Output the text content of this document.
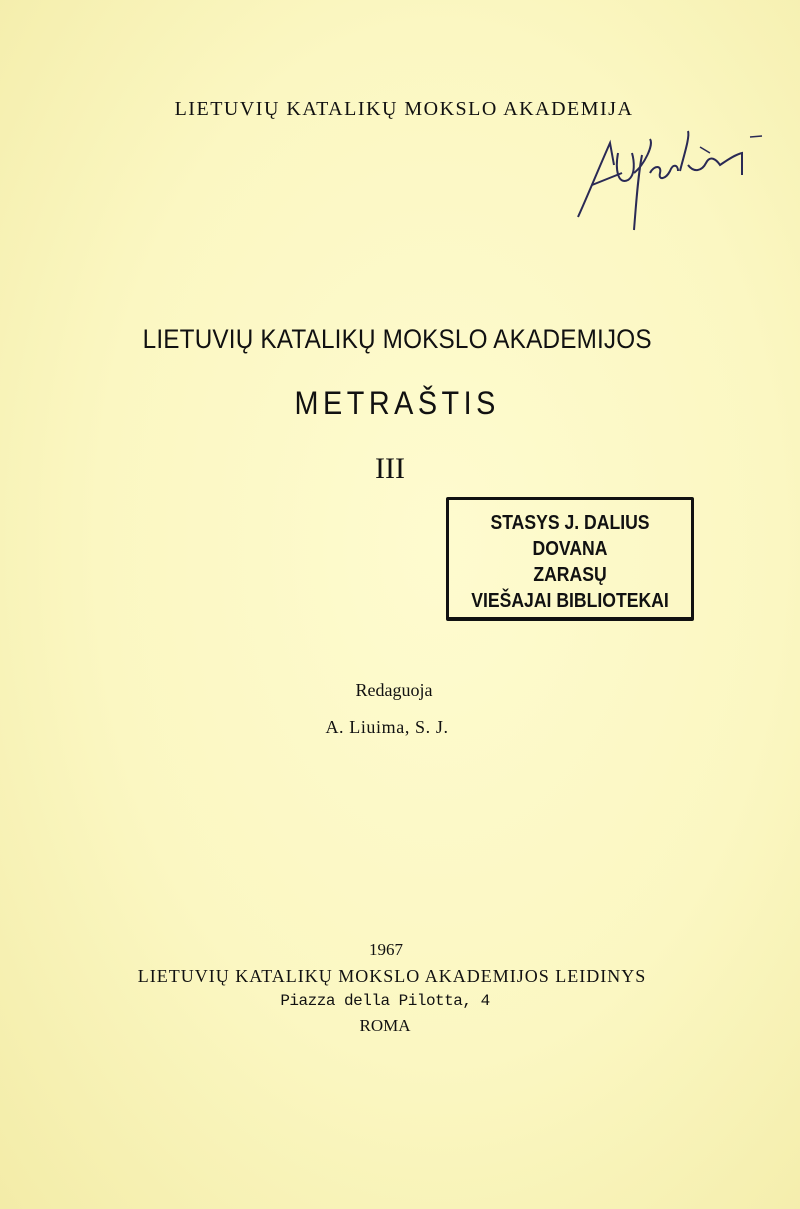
LIETUVIŲ KATALIKŲ MOKSLO AKADEMIJA
LIETUVIŲ KATALIKŲ MOKSLO AKADEMIJOS
METRAŠTIS
III
STASYS J. DALIUS
DOVANA
ZARASŲ
VIEŠAJAI BIBLIOTEKAI
Redaguoja
A. Liuima, S. J.
1967
LIETUVIŲ KATALIKŲ MOKSLO AKADEMIJOS LEIDINYS
Piazza della Pilotta, 4
ROMA
